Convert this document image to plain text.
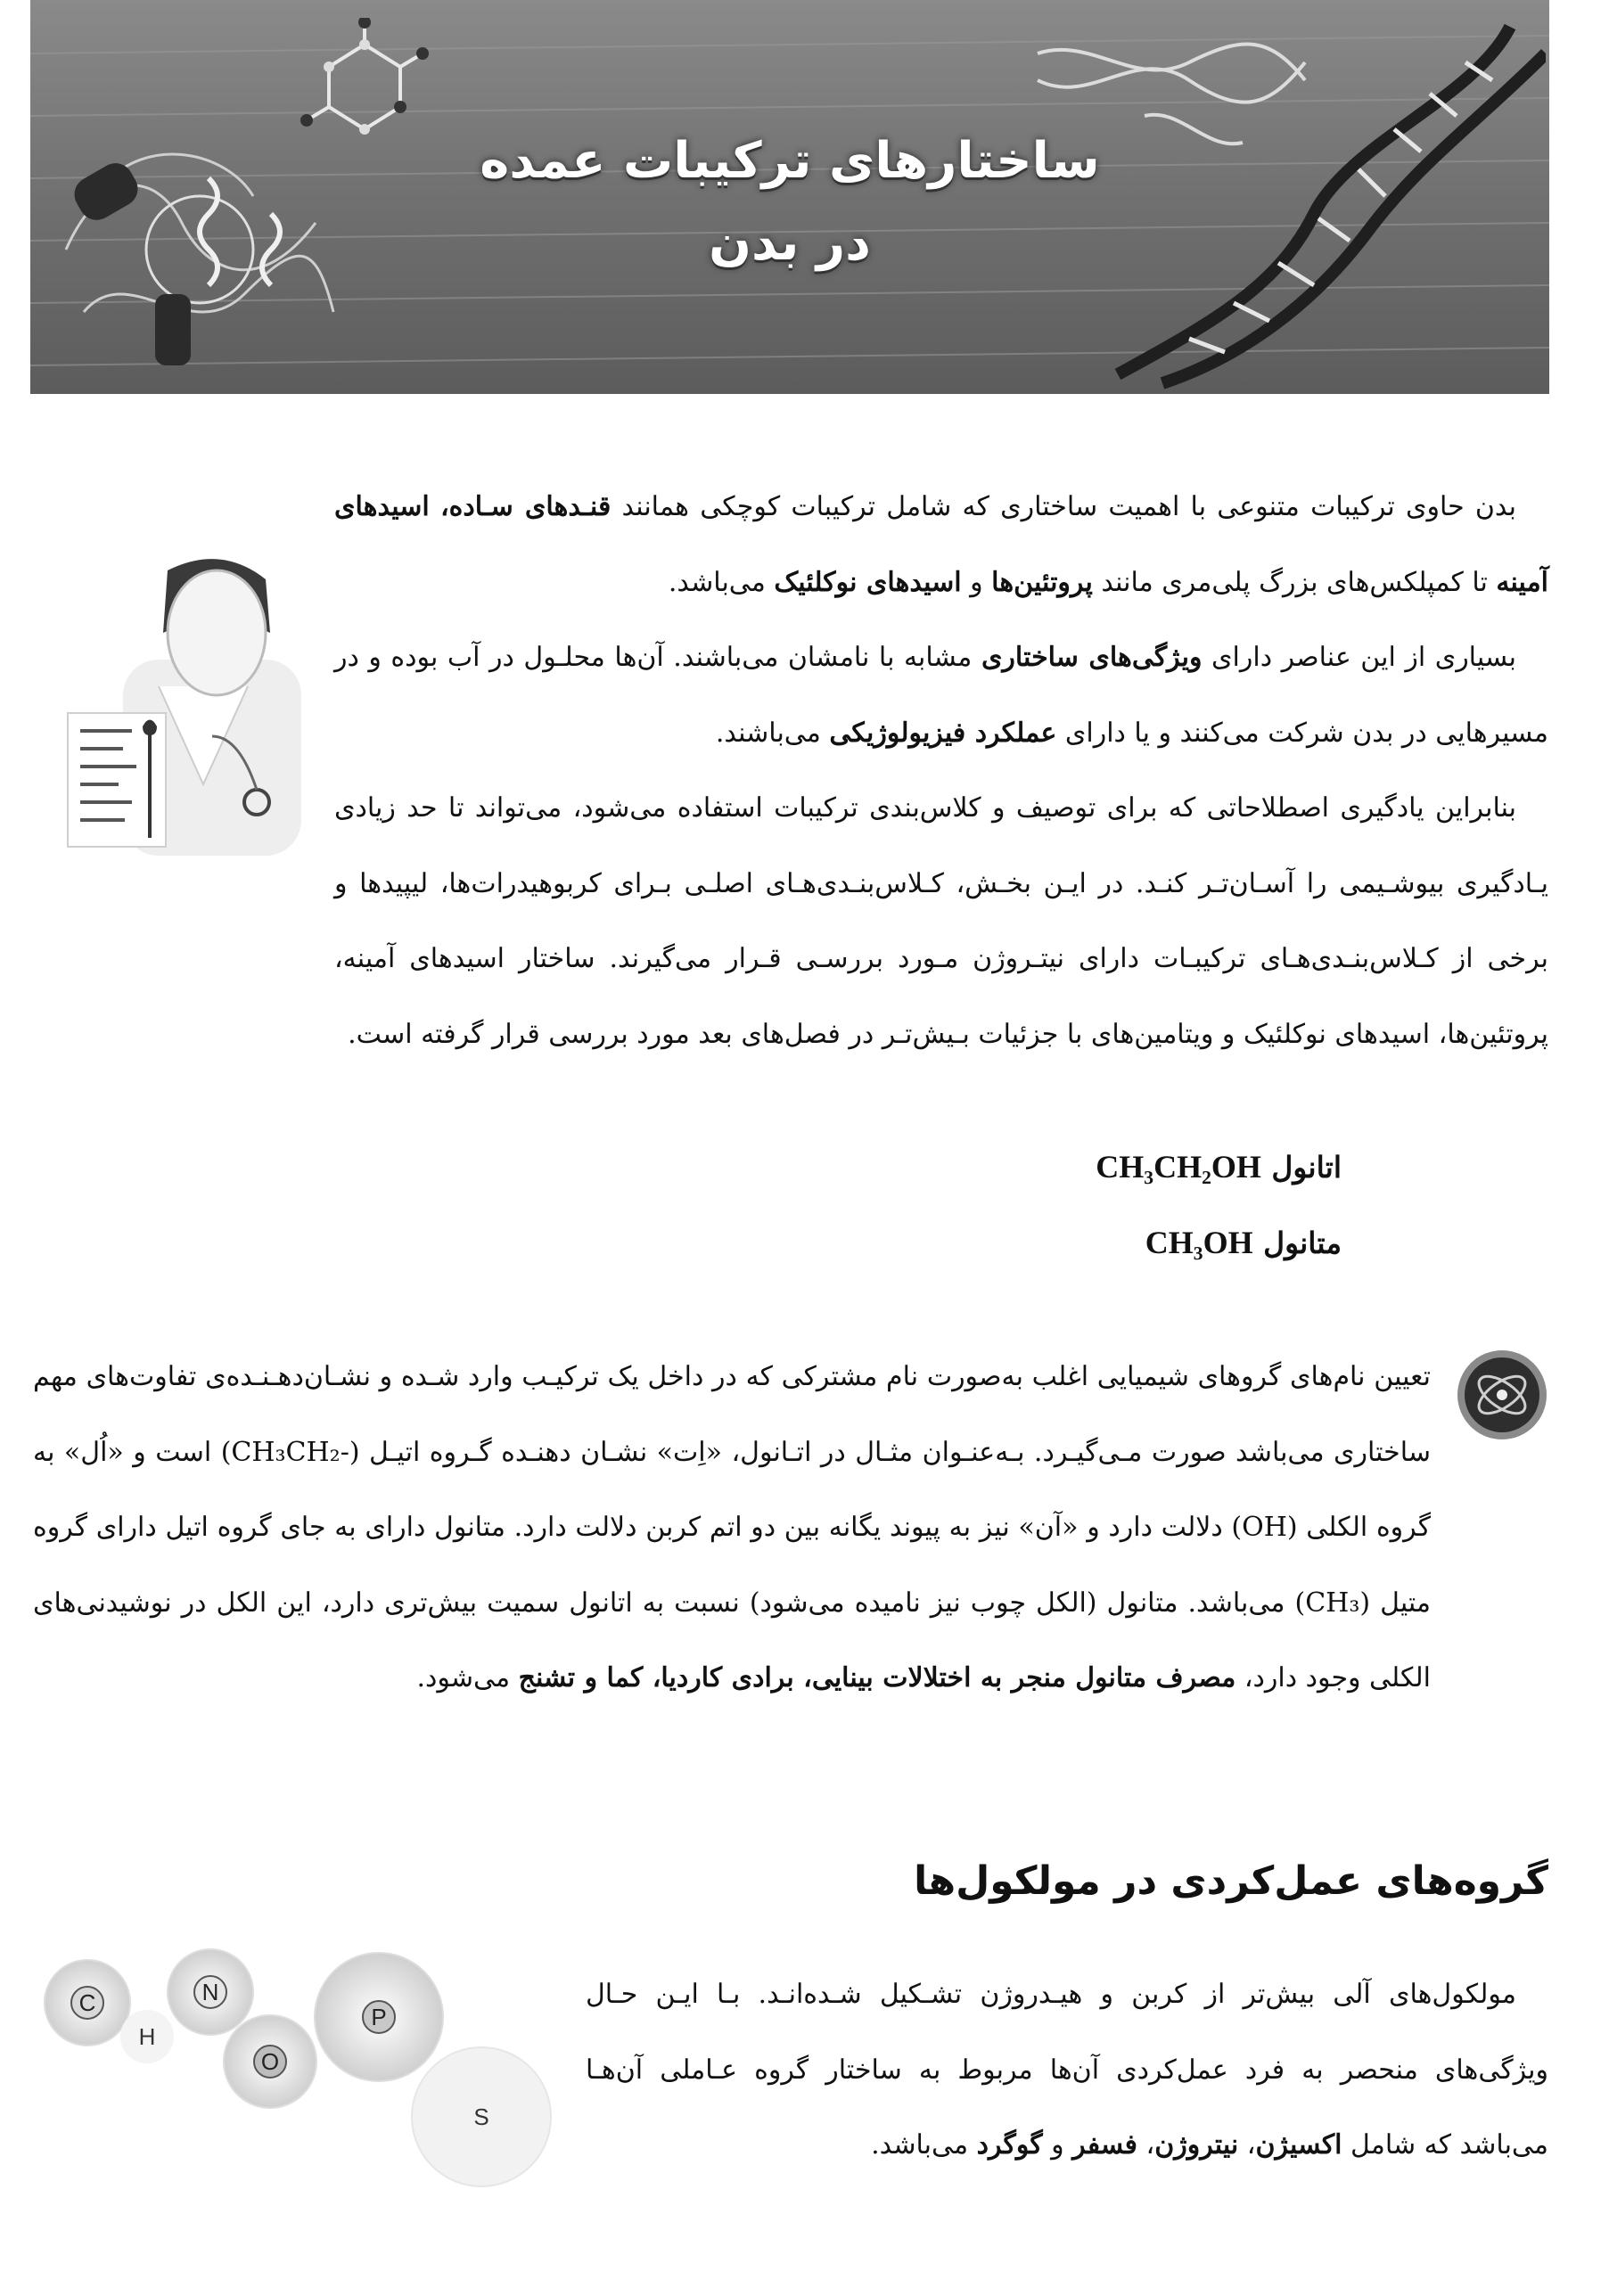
ساختارهای ترکیبات عمده
در بدن

بدن حاوی ترکیبات متنوعی با اهمیت ساختاری که شامل ترکیبات کوچکی همانند قنـدهای سـاده، اسیدهای آمینه تا کمپلکس‌های بزرگ پلی‌مری مانند پروتئین‌ها و اسیدهای نوکلئیک می‌باشد.

بسیاری از این عناصر دارای ویژگی‌های ساختاری مشابه با نامشان می‌باشند. آن‌ها محلـول در آب بوده و در مسیرهایی در بدن شرکت می‌کنند و یا دارای عملکرد فیزیولوژیکی می‌باشند.

بنابراین یادگیری اصطلاحاتی که برای توصیف و کلاس‌بندی ترکیبات استفاده می‌شود، می‌تواند تا حد زیادی یـادگیری بیوشـیمی را آسـان‌تـر کنـد. در ایـن بخـش، کـلاس‌بنـدی‌هـای اصلـی بـرای کربوهیدرات‌ها، لیپیدها و برخی از کـلاس‌بنـدی‌هـای ترکیبـات دارای نیتـروژن مـورد بررسـی قـرار می‌گیرند. ساختار اسیدهای آمینه، پروتئین‌ها، اسیدهای نوکلئیک و ویتامین‌های با جزئیات بـیش‌تـر در فصل‌های بعد مورد بررسی قرار گرفته است.

اتانول CH₃CH₂OH
متانول CH₃OH

تعیین نام‌های گروهای شیمیایی اغلب به‌صورت نام مشترکی که در داخل یک ترکیـب وارد شـده و نشـان‌دهـنـده‌ی تفاوت‌های مهم ساختاری می‌باشد صورت مـی‌گیـرد. بـه‌عنـوان مثـال در اتـانول، «اِت» نشـان دهنـده گـروه اتیـل (-CH₃CH₂) است و «اُل» به گروه الکلی (OH) دلالت دارد و «آن» نیز به پیوند یگانه بین دو اتم کربن دلالت دارد. متانول دارای به جای گروه اتیل دارای گروه متیل (CH₃) می‌باشد. متانول (الکل چوب نیز نامیده می‌شود) نسبت به اتانول سمیت بیش‌تری دارد، این الکل در نوشیدنی‌های الکلی وجود دارد، مصرف متانول منجر به اختلالات بینایی، برادی کاردیا، کما و تشنج می‌شود.

گروه‌های عمل‌کردی در مولکول‌ها
C
H
N
O
P
S

مولکول‌های آلی بیش‌تر از کربن و هیـدروژن تشـکیل شـده‌انـد. بـا ایـن حـال ویژگی‌های منحصر به فرد عمل‌کردی آن‌ها مربوط به ساختار گروه عـاملی آن‌هـا می‌باشد که شامل اکسیژن، نیتروژن، فسفر و گوگرد می‌باشد.
